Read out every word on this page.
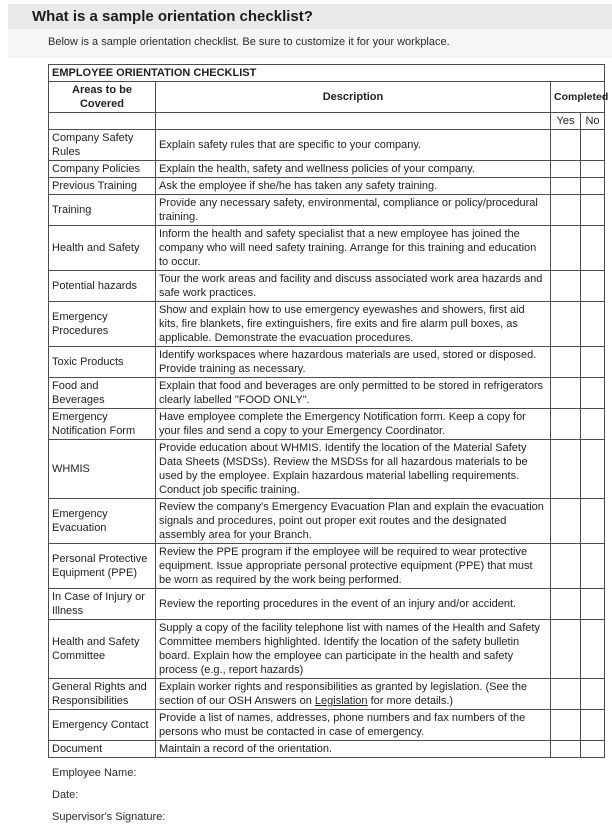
What is a sample orientation checklist?

Below is a sample orientation checklist. Be sure to customize it for your workplace.

EMPLOYEE ORIENTATION CHECKLIST			
Areas to be Covered	Description	Completed	
		Yes	No
Company Safety Rules	Explain safety rules that are specific to your company.		
Company Policies	Explain the health, safety and wellness policies of your company.		
Previous Training	Ask the employee if she/he has taken any safety training.		
Training	Provide any necessary safety, environmental, compliance or policy/procedural training.		
Health and Safety	Inform the health and safety specialist that a new employee has joined the company who will need safety training. Arrange for this training and education to occur.		
Potential hazards	Tour the work areas and facility and discuss associated work area hazards and safe work practices.		
Emergency Procedures	Show and explain how to use emergency eyewashes and showers, first aid kits, fire blankets, fire extinguishers, fire exits and fire alarm pull boxes, as applicable. Demonstrate the evacuation procedures.		
Toxic Products	Identify workspaces where hazardous materials are used, stored or disposed. Provide training as necessary.		
Food and Beverages	Explain that food and beverages are only permitted to be stored in refrigerators clearly labelled "FOOD ONLY".		
Emergency Notification Form	Have employee complete the Emergency Notification form. Keep a copy for your files and send a copy to your Emergency Coordinator.		
WHMIS	Provide education about WHMIS. Identify the location of the Material Safety Data Sheets (MSDSs). Review the MSDSs for all hazardous materials to be used by the employee. Explain hazardous material labelling requirements. Conduct job specific training.		
Emergency Evacuation	Review the company's Emergency Evacuation Plan and explain the evacuation signals and procedures, point out proper exit routes and the designated assembly area for your Branch.		
Personal Protective Equipment (PPE)	Review the PPE program if the employee will be required to wear protective equipment. Issue appropriate personal protective equipment (PPE) that must be worn as required by the work being performed.		
In Case of Injury or Illness	Review the reporting procedures in the event of an injury and/or accident.		
Health and Safety Committee	Supply a copy of the facility telephone list with names of the Health and Safety Committee members highlighted. Identify the location of the safety bulletin board. Explain how the employee can participate in the health and safety process (e.g., report hazards)		
General Rights and Responsibilities	Explain worker rights and responsibilities as granted by legislation. (See the section of our OSH Answers on Legislation for more details.)		
Emergency Contact	Provide a list of names, addresses, phone numbers and fax numbers of the persons who must be contacted in case of emergency.		
Document	Maintain a record of the orientation.		

Employee Name:

Date:

Supervisor's Signature:
